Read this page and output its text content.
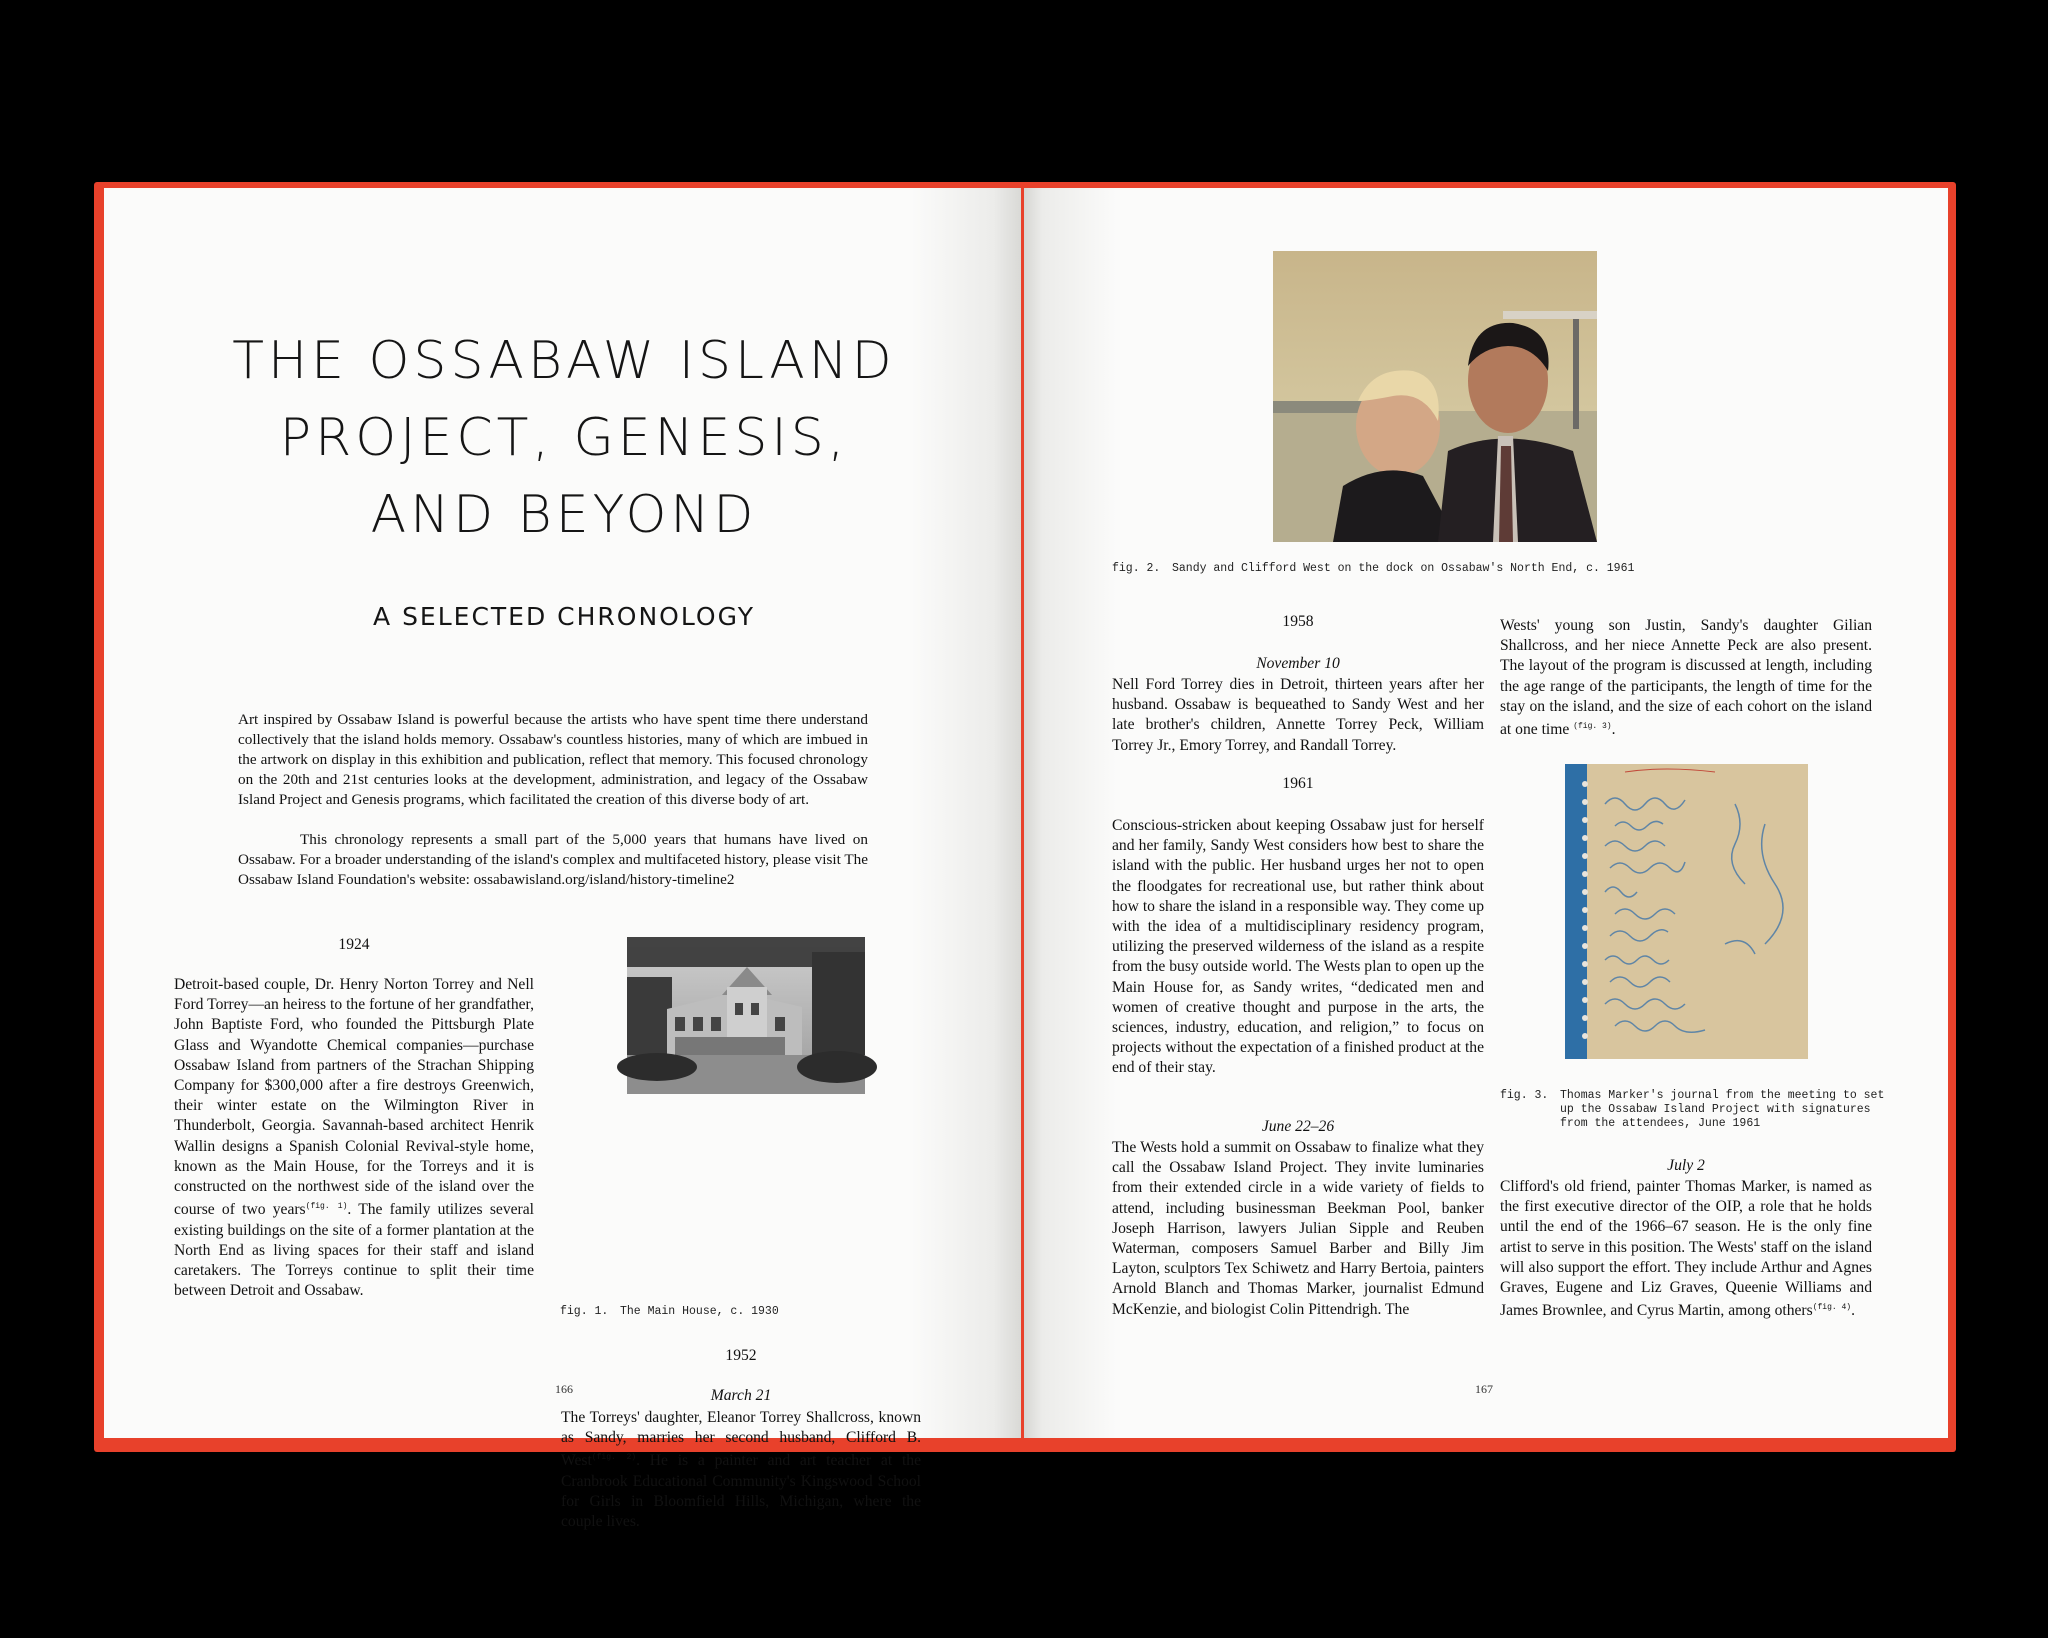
THE OSSABAW ISLAND
PROJECT, GENESIS,
AND BEYOND
A SELECTED CHRONOLOGY
Art inspired by Ossabaw Island is powerful because the artists who have spent time there understand collectively that the island holds memory. Ossabaw's countless histories, many of which are imbued in the artwork on display in this exhibition and publication, reflect that memory. This focused chronology on the 20th and 21st centuries looks at the development, administration, and legacy of the Ossabaw Island Project and Genesis programs, which facilitated the creation of this diverse body of art.
This chronology represents a small part of the 5,000 years that humans have lived on Ossabaw. For a broader understanding of the island's complex and multifaceted history, please visit The Ossabaw Island Foundation's website: ossabawisland.org/island/history-timeline2
1924
Detroit-based couple, Dr. Henry Norton Torrey and Nell Ford Torrey—an heiress to the fortune of her grandfather, John Baptiste Ford, who founded the Pittsburgh Plate Glass and Wyandotte Chemical companies—purchase Ossabaw Island from partners of the Strachan Shipping Company for $300,000 after a fire destroys Greenwich, their winter estate on the Wilmington River in Thunderbolt, Georgia. Savannah-based architect Henrik Wallin designs a Spanish Colonial Revival-style home, known as the Main House, for the Torreys and it is constructed on the northwest side of the island over the course of two years$^{(fig. 1)}$. The family utilizes several existing buildings on the site of a former plantation at the North End as living spaces for their staff and island caretakers. The Torreys continue to split their time between Detroit and Ossabaw.
fig. 1. The Main House, c. 1930
1952
March 21
The Torreys' daughter, Eleanor Torrey Shallcross, known as Sandy, marries her second husband, Clifford B. West$^{(fig. 2)}$. He is a painter and art teacher at the Cranbrook Educational Community's Kingswood School for Girls in Bloomfield Hills, Michigan, where the couple lives.
166
fig. 2. Sandy and Clifford West on the dock on Ossabaw's North End, c. 1961
1958
November 10
Nell Ford Torrey dies in Detroit, thirteen years after her husband. Ossabaw is bequeathed to Sandy West and her late brother's children, Annette Torrey Peck, William Torrey Jr., Emory Torrey, and Randall Torrey.
1961
Conscious-stricken about keeping Ossabaw just for herself and her family, Sandy West considers how best to share the island with the public. Her husband urges her not to open the floodgates for recreational use, but rather think about how to share the island in a responsible way. They come up with the idea of a multidisciplinary residency program, utilizing the preserved wilderness of the island as a respite from the busy outside world. The Wests plan to open up the Main House for, as Sandy writes, “dedicated men and women of creative thought and purpose in the arts, the sciences, industry, education, and religion,” to focus on projects without the expectation of a finished product at the end of their stay.
June 22–26
The Wests hold a summit on Ossabaw to finalize what they call the Ossabaw Island Project. They invite luminaries from their extended circle in a wide variety of fields to attend, including businessman Beekman Pool, banker Joseph Harrison, lawyers Julian Sipple and Reuben Waterman, composers Samuel Barber and Billy Jim Layton, sculptors Tex Schiwetz and Harry Bertoia, painters Arnold Blanch and Thomas Marker, journalist Edmund McKenzie, and biologist Colin Pittendrigh. The
Wests' young son Justin, Sandy's daughter Gilian Shallcross, and her niece Annette Peck are also present. The layout of the program is discussed at length, including the age range of the participants, the length of time for the stay on the island, and the size of each cohort on the island at one time $^{(fig. 3)}$.
fig. 3.	Thomas Marker's journal from the meeting to set up the Ossabaw Island Project with signatures from the attendees, June 1961
July 2
Clifford's old friend, painter Thomas Marker, is named as the first executive director of the OIP, a role that he holds until the end of the 1966–67 season. He is the only fine artist to serve in this position. The Wests' staff on the island will also support the effort. They include Arthur and Agnes Graves, Eugene and Liz Graves, Queenie Williams and James Brownlee, and Cyrus Martin, among others$^{(fig. 4)}$.
167
